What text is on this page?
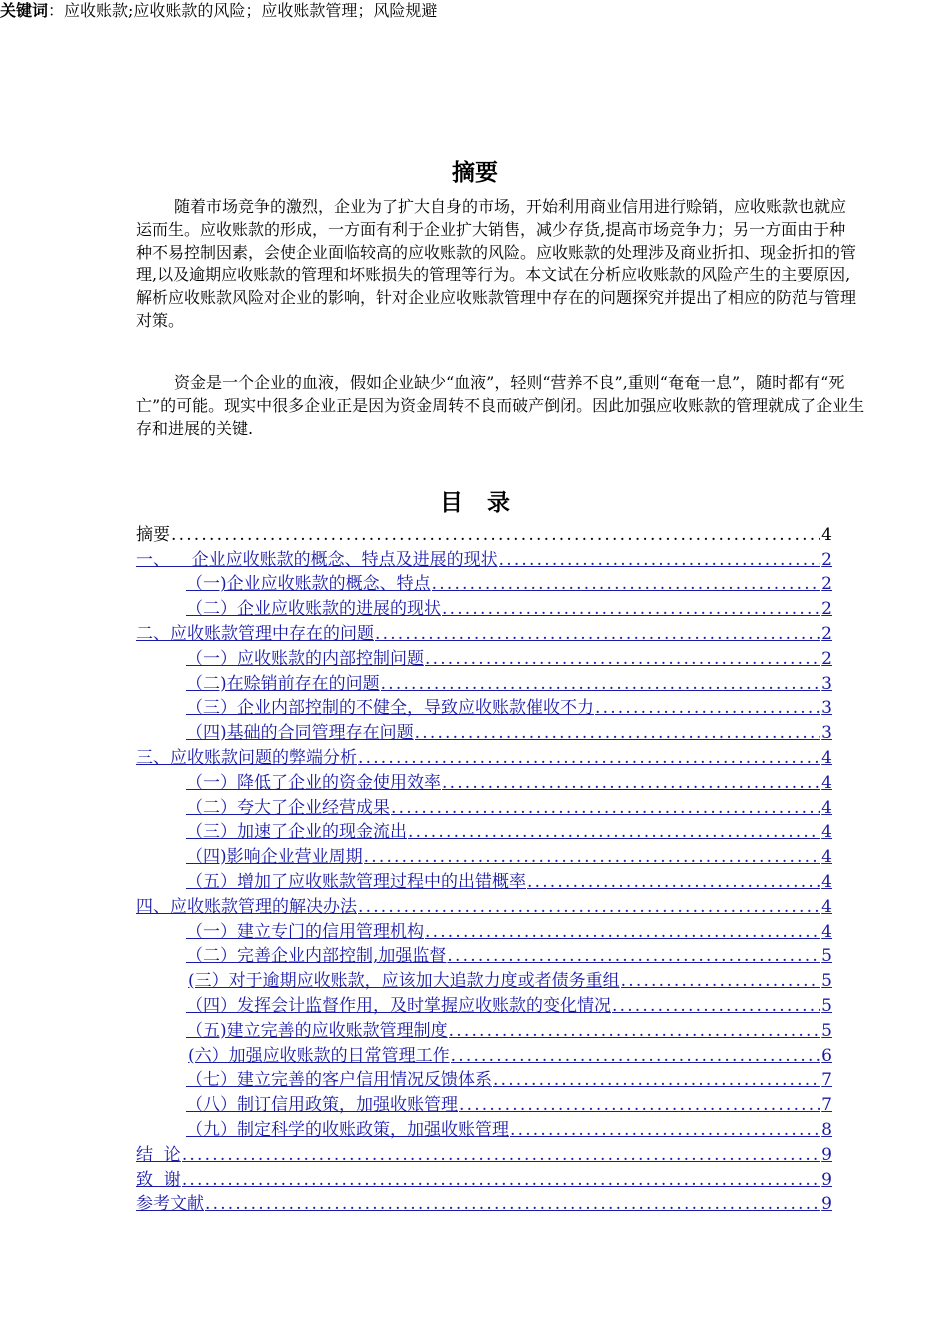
摘要
随着市场竞争的激烈，企业为了扩大自身的市场，开始利用商业信用进行赊销，应收账款也就应运而生。应收账款的形成，一方面有利于企业扩大销售，减少存货,提高市场竞争力；另一方面由于种种不易控制因素，会使企业面临较高的应收账款的风险。应收账款的处理涉及商业折扣、现金折扣的管理,以及逾期应收账款的管理和坏账损失的管理等行为。本文试在分析应收账款的风险产生的主要原因,解析应收账款风险对企业的影响，针对企业应收账款管理中存在的问题探究并提出了相应的防范与管理对策。
资金是一个企业的血液，假如企业缺少“血液”，轻则“营养不良”,重则“奄奄一息”，随时都有“死亡”的可能。现实中很多企业正是因为资金周转不良而破产倒闭。因此加强应收账款的管理就成了企业生存和进展的关键.
关键词：应收账款;应收账款的风险；应收账款管理；风险规避
目录
摘要 .....	4
一、    企业应收账款的概念、特点及进展的现状 .....	2
（一)企业应收账款的概念、特点 .....	2
（二）企业应收账款的进展的现状 .....	2
二、应收账款管理中存在的问题 .....	2
（一）应收账款的内部控制问题 .....	2
（二)在赊销前存在的问题 .....	3
（三）企业内部控制的不健全，导致应收账款催收不力 .....	3
（四)基础的合同管理存在问题 .....	3
三、应收账款问题的弊端分析 .....	4
（一）降低了企业的资金使用效率 .....	4
（二）夸大了企业经营成果 .....	4
（三）加速了企业的现金流出 .....	4
（四)影响企业营业周期 .....	4
（五）增加了应收账款管理过程中的出错概率 .....	4
四、应收账款管理的解决办法 .....	4
（一）建立专门的信用管理机构 .....	4
（二）完善企业内部控制,加强监督 .....	5
(三）对于逾期应收账款，应该加大追款力度或者债务重组 .....	5
（四）发挥会计监督作用，及时掌握应收账款的变化情况 .....	5
（五)建立完善的应收账款管理制度 .....	5
(六）加强应收账款的日常管理工作 .....	6
（七）建立完善的客户信用情况反馈体系 .....	7
（八）制订信用政策，加强收账管理 .....	7
（九）制定科学的收账政策，加强收账管理 .....	8
结  论 .....	9
致  谢 .....	9
参考文献 .....	9
